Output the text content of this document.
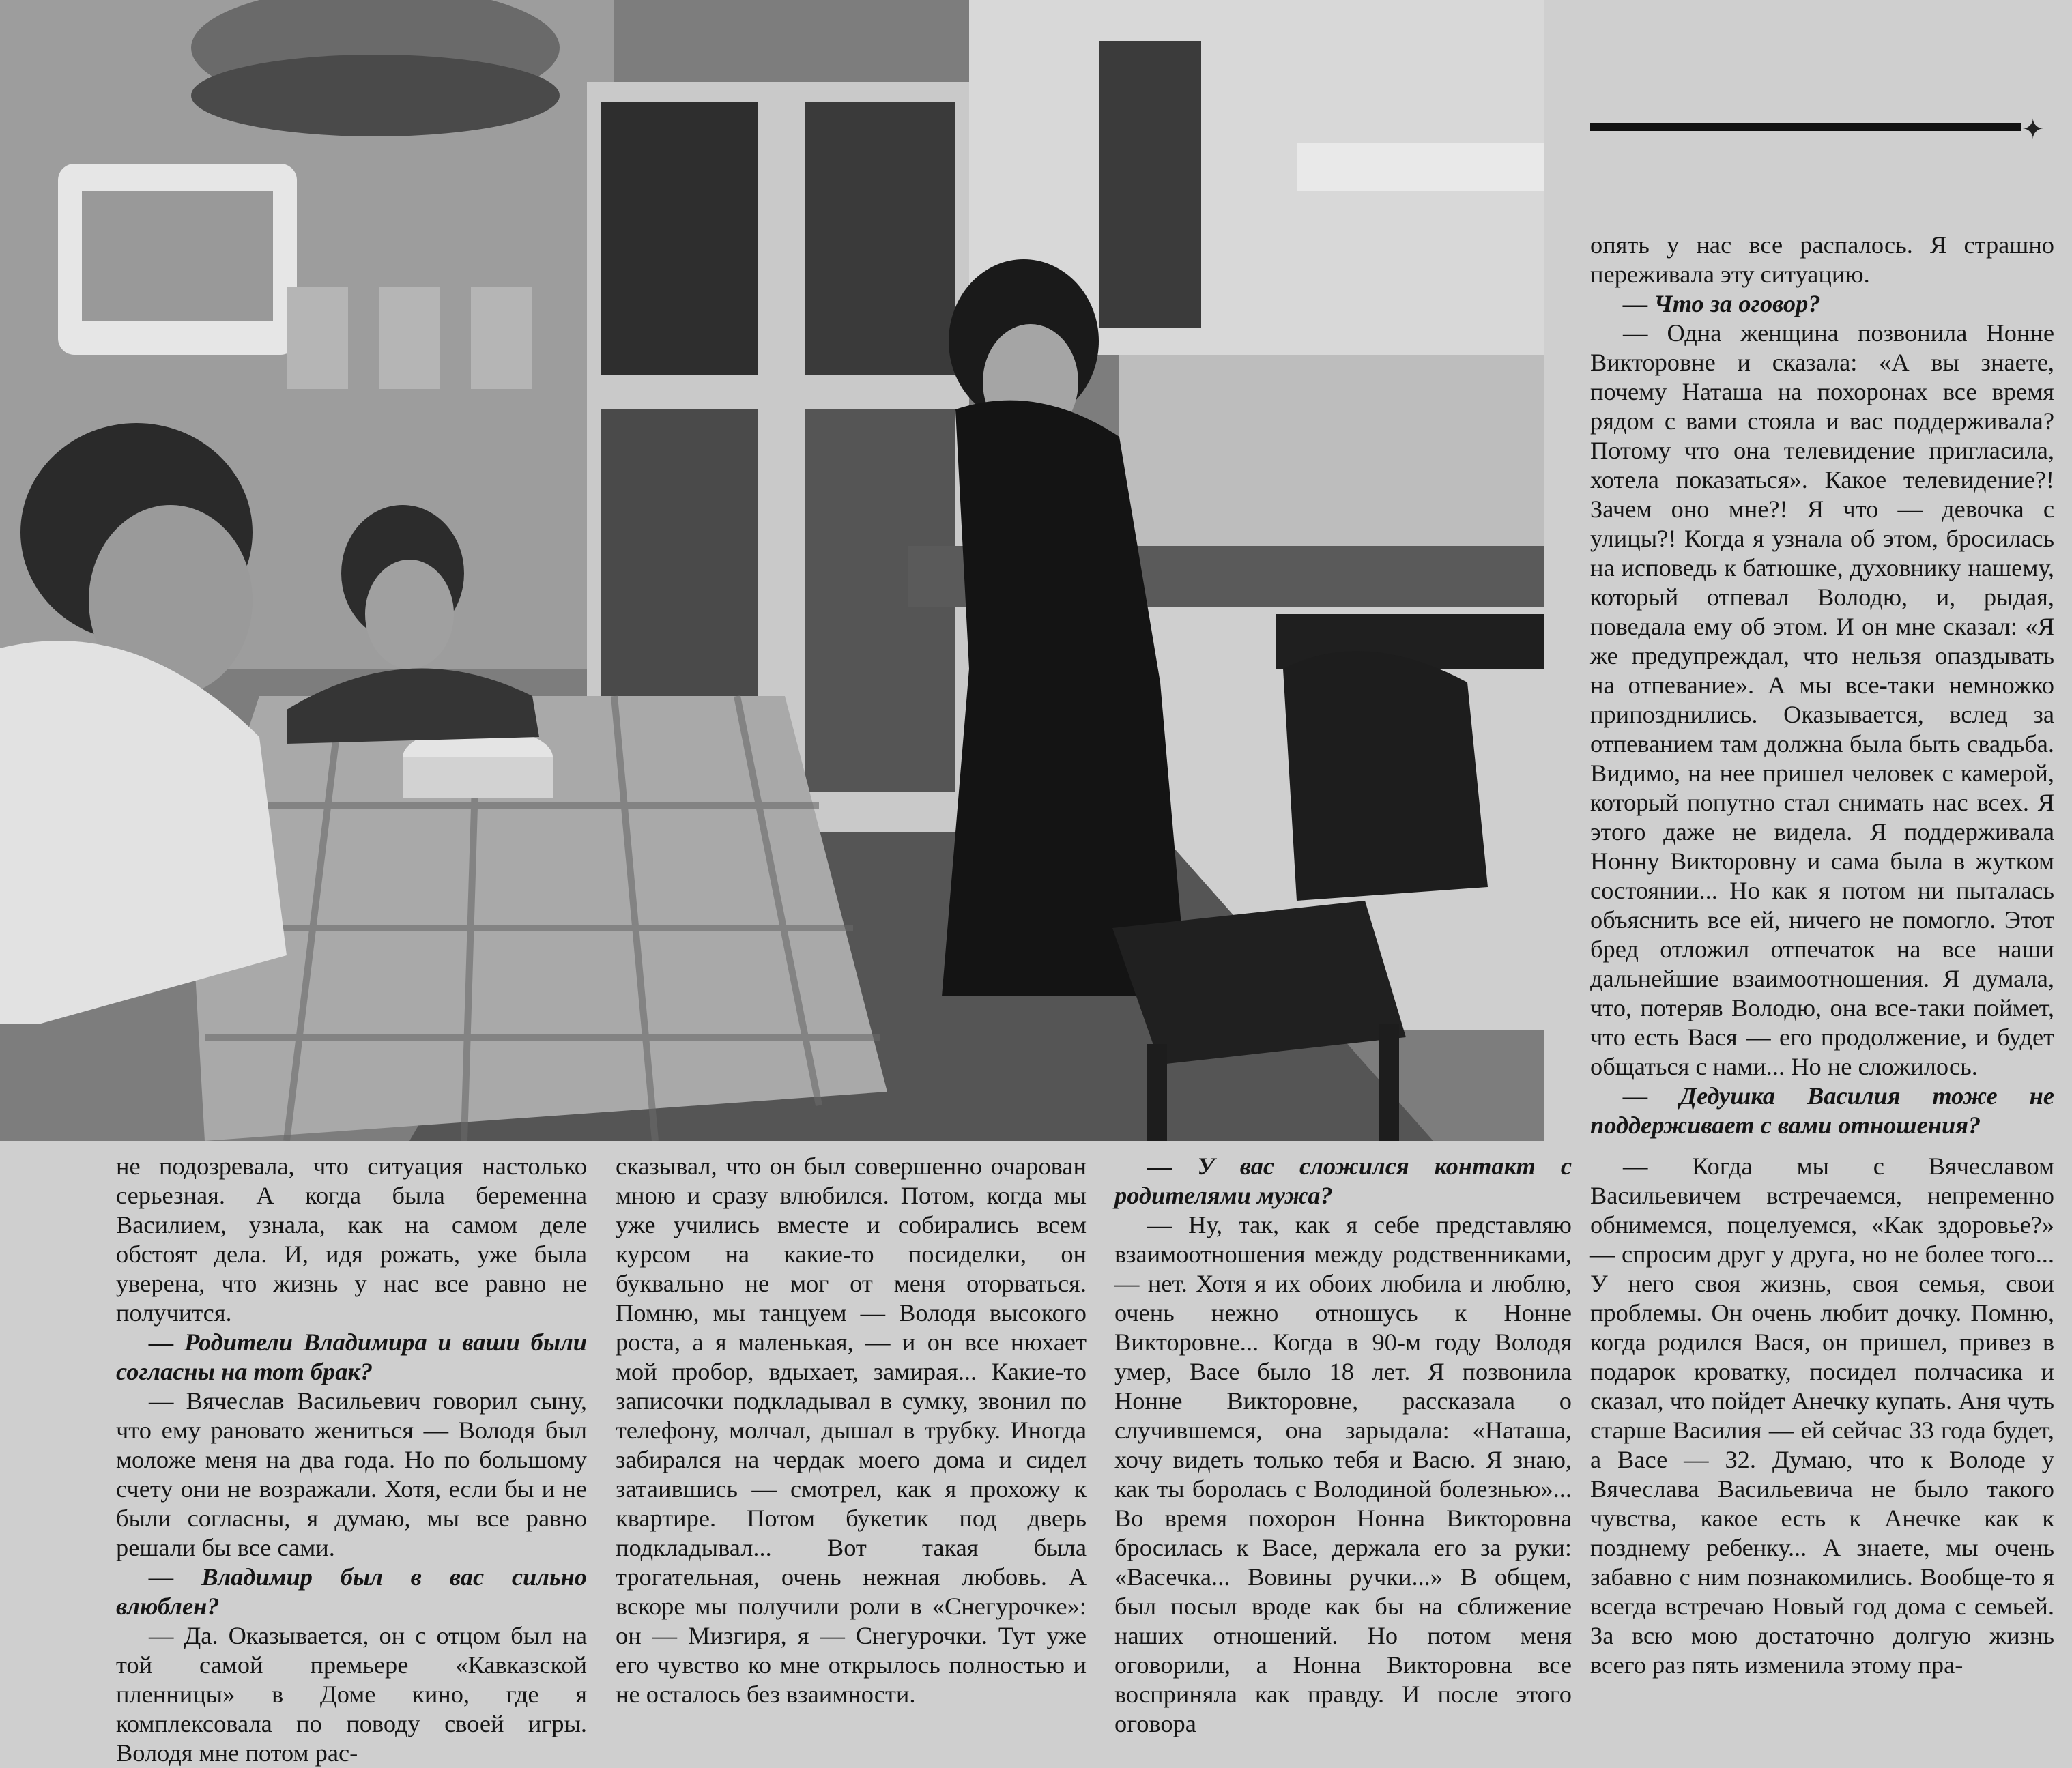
✦

опять у нас все распалось. Я страшно переживала эту ситуацию.

— Что за оговор?

— Одна женщина позвонила Нонне Викторовне и сказала: «А вы знаете, почему Наташа на похоронах все время рядом с вами стояла и вас поддерживала? Потому что она телевидение пригласила, хотела показаться». Какое телевидение?! Зачем оно мне?! Я что — девочка с улицы?! Когда я узнала об этом, бросилась на исповедь к батюшке, духовнику нашему, который отпевал Володю, и, рыдая, поведала ему об этом. И он мне сказал: «Я же предупреждал, что нельзя опаздывать на отпевание». А мы все-таки немножко припозднились. Оказывается, вслед за отпеванием там должна была быть свадьба. Видимо, на нее пришел человек с камерой, который попутно стал снимать нас всех. Я этого даже не видела. Я поддерживала Нонну Викторовну и сама была в жутком состоянии... Но как я потом ни пыталась объяснить все ей, ничего не помогло. Этот бред отложил отпечаток на все наши дальнейшие взаимоотношения. Я думала, что, потеряв Володю, она все-таки поймет, что есть Вася — его продолжение, и будет общаться с нами... Но не сложилось.

— Дедушка Василия тоже не поддерживает с вами отношения?

не подозревала, что ситуация настолько серьезная. А когда была беременна Василием, узнала, как на самом деле обстоят дела. И, идя рожать, уже была уверена, что жизнь у нас все равно не получится.

— Родители Владимира и ваши были согласны на тот брак?

— Вячеслав Васильевич говорил сыну, что ему рановато жениться — Володя был моложе меня на два года. Но по большому счету они не возражали. Хотя, если бы и не были согласны, я думаю, мы все равно решали бы все сами.

— Владимир был в вас сильно влюблен?

— Да. Оказывается, он с отцом был на той самой премьере «Кавказской пленницы» в Доме кино, где я комплексовала по поводу своей игры. Володя мне потом рас-

сказывал, что он был совершенно очарован мною и сразу влюбился. Потом, когда мы уже учились вместе и собирались всем курсом на какие-то посиделки, он буквально не мог от меня оторваться. Помню, мы танцуем — Володя высокого роста, а я маленькая, — и он все нюхает мой пробор, вдыхает, замирая... Какие-то записочки подкладывал в сумку, звонил по телефону, молчал, дышал в трубку. Иногда забирался на чердак моего дома и сидел затаившись — смотрел, как я прохожу к квартире. Потом букетик под дверь подкладывал... Вот такая была трогательная, очень нежная любовь. А вскоре мы получили роли в «Снегурочке»: он — Мизгиря, я — Снегурочки. Тут уже его чувство ко мне открылось полностью и не осталось без взаимности.

— У вас сложился контакт с родителями мужа?

— Ну, так, как я себе представляю взаимоотношения между родственниками, — нет. Хотя я их обоих любила и люблю, очень нежно отношусь к Нонне Викторовне... Когда в 90-м году Володя умер, Васе было 18 лет. Я позвонила Нонне Викторовне, рассказала о случившемся, она зарыдала: «Наташа, хочу видеть только тебя и Васю. Я знаю, как ты боролась с Володиной болезнью»... Во время похорон Нонна Викторовна бросилась к Васе, держала его за руки: «Васечка... Вовины ручки...» В общем, был посыл вроде как бы на сближение наших отношений. Но потом меня оговорили, а Нонна Викторовна все восприняла как правду. И после этого оговора

— Когда мы с Вячеславом Васильевичем встречаемся, непременно обнимемся, поцелуемся, «Как здоровье?» — спросим друг у друга, но не более того... У него своя жизнь, своя семья, свои проблемы. Он очень любит дочку. Помню, когда родился Вася, он пришел, привез в подарок кроватку, посидел полчасика и сказал, что пойдет Анечку купать. Аня чуть старше Василия — ей сейчас 33 года будет, а Васе — 32. Думаю, что к Володе у Вячеслава Васильевича не было такого чувства, какое есть к Анечке как к позднему ребенку... А знаете, мы очень забавно с ним познакомились. Вообще-то я всегда встречаю Новый год дома с семьей. За всю мою достаточно долгую жизнь всего раз пять изменила этому пра-
